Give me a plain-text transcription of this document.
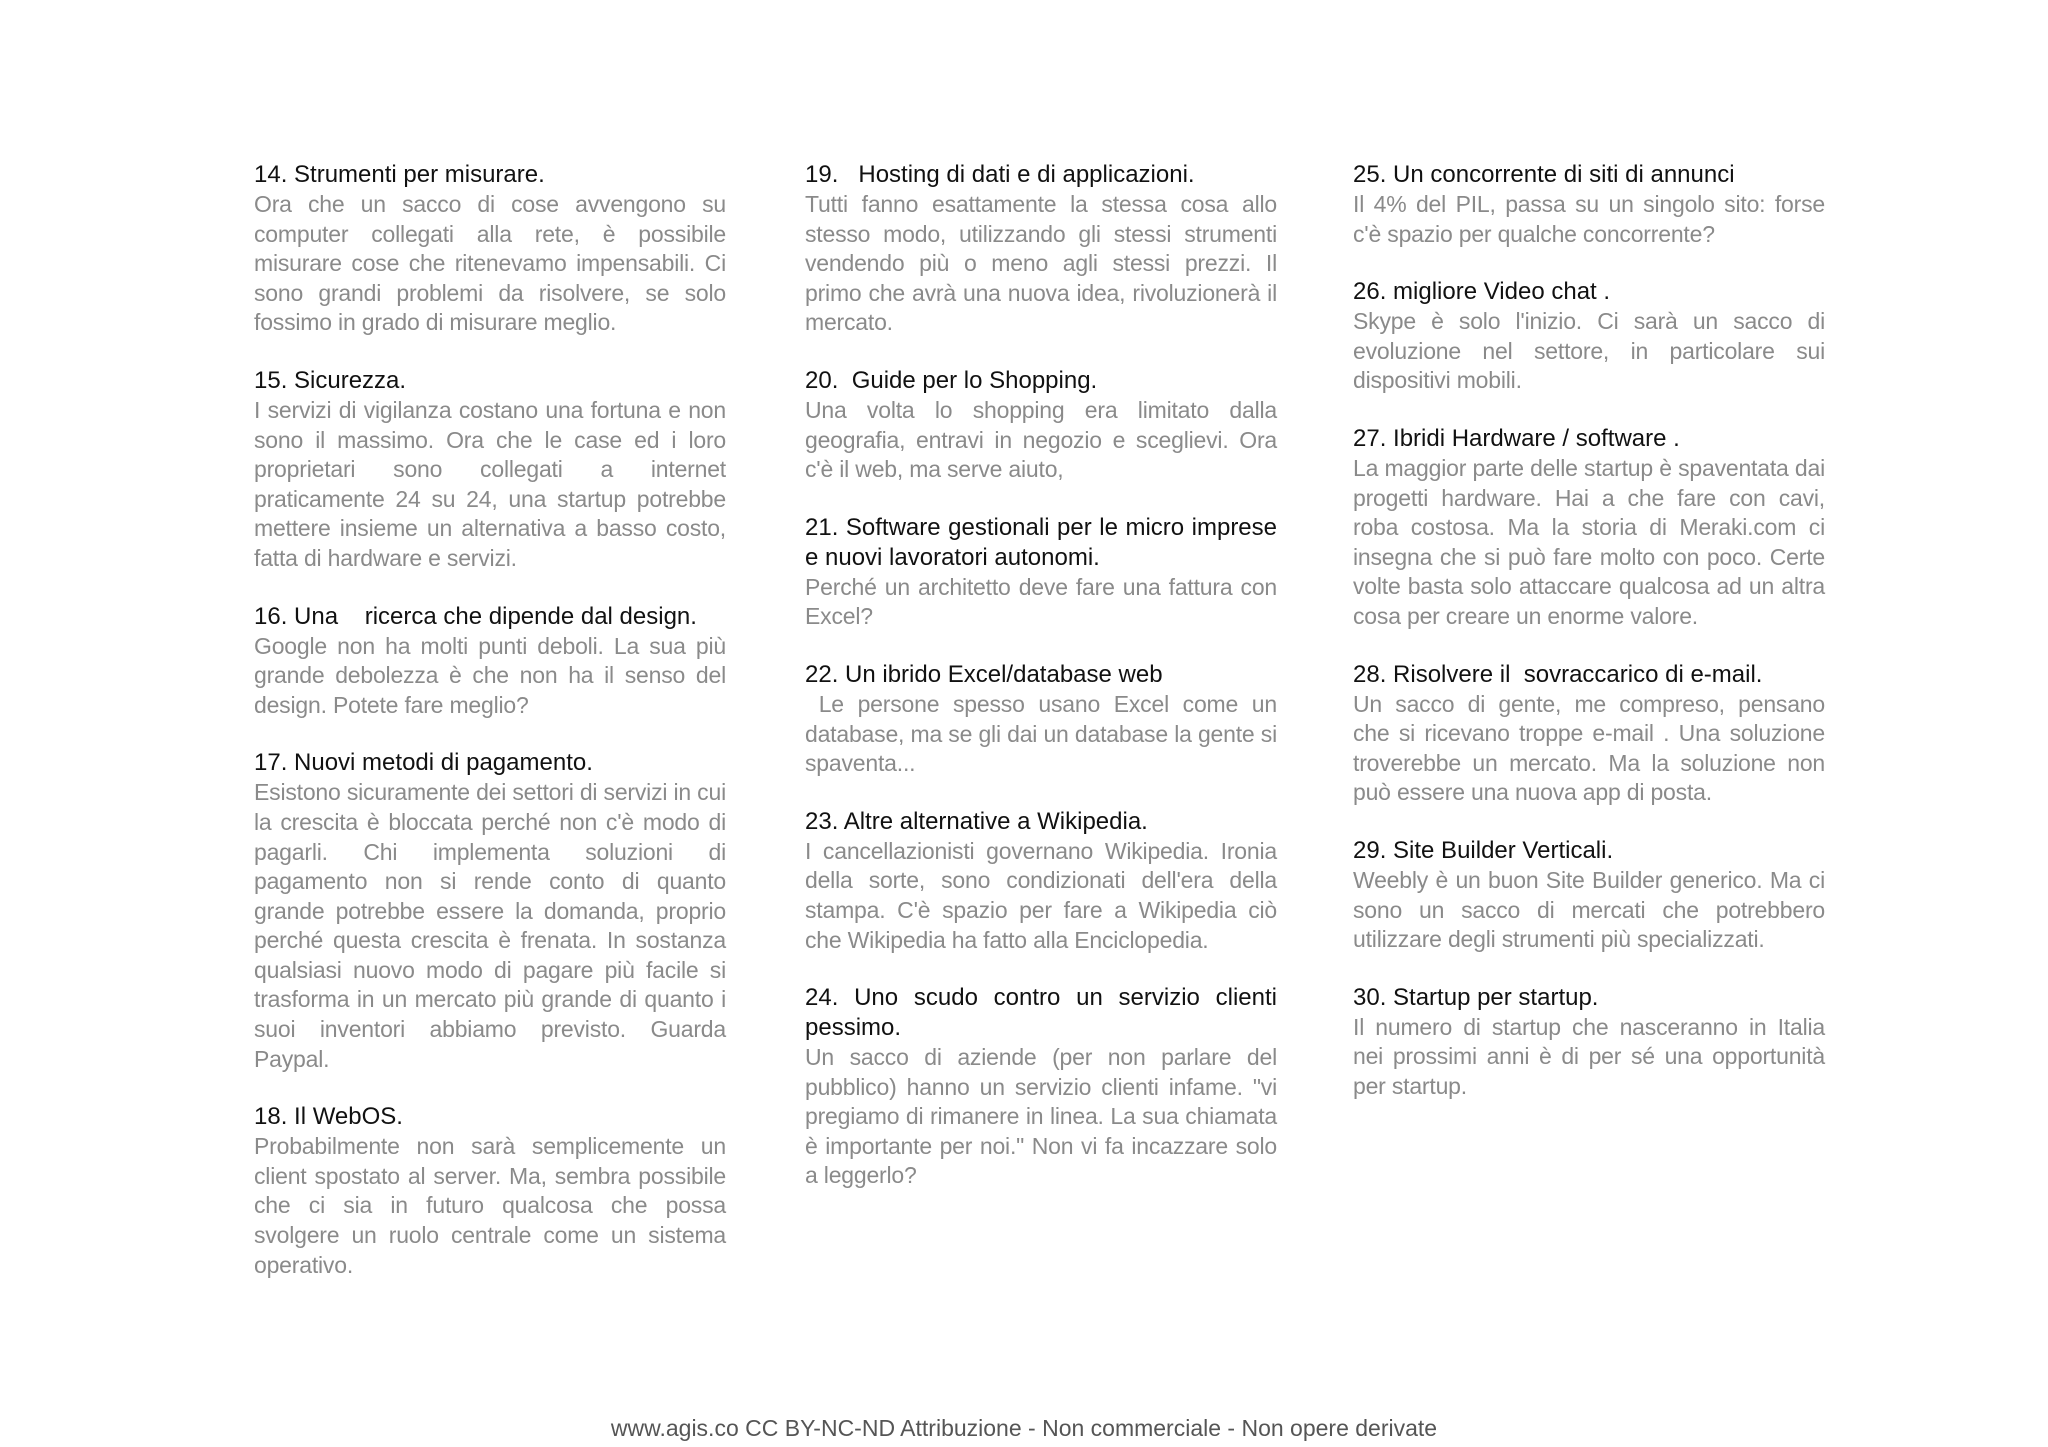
14. Strumenti per misurare.

Ora che un sacco di cose avvengono su computer collegati alla rete, è possibile misurare cose che ritenevamo impensabili. Ci sono grandi problemi da risolvere, se solo fossimo in grado di misurare meglio.

15. Sicurezza.

I servizi di vigilanza costano una fortuna e non sono il massimo. Ora che le case ed i loro proprietari sono collegati a internet praticamente 24 su 24, una startup potrebbe mettere insieme un alternativa a basso costo, fatta di hardware e servizi.

16. Una    ricerca che dipende dal design.

Google non ha molti punti deboli. La sua più grande debolezza è che non ha il senso del design. Potete fare meglio?

17. Nuovi metodi di pagamento.

Esistono sicuramente dei settori di servizi in cui la crescita è bloccata perché non c'è modo di pagarli. Chi implementa soluzioni di pagamento non si rende conto di quanto grande potrebbe essere la domanda, proprio perché questa crescita è frenata. In sostanza qualsiasi nuovo modo di pagare più facile si trasforma in un mercato più grande di quanto i suoi inventori abbiamo previsto. Guarda Paypal.

18. Il WebOS.

Probabilmente non sarà semplicemente un client spostato al server. Ma, sembra possibile che ci sia in futuro qualcosa che possa svolgere un ruolo centrale come un sistema operativo.

19.   Hosting di dati e di applicazioni.

Tutti fanno esattamente la stessa cosa allo stesso modo, utilizzando gli stessi strumenti vendendo più o meno agli stessi prezzi. Il primo che avrà una nuova idea, rivoluzionerà il mercato.

20.  Guide per lo Shopping.

Una volta lo shopping era limitato dalla geografia, entravi in negozio e sceglievi. Ora c'è il web, ma serve aiuto,

21. Software gestionali per le micro imprese e nuovi lavoratori autonomi.

Perché un architetto deve fare una fattura con Excel?

22. Un ibrido Excel/database web

Le persone spesso usano Excel come un database, ma se gli dai un database la gente si spaventa...

23. Altre alternative a Wikipedia.

I cancellazionisti governano Wikipedia. Ironia della sorte, sono condizionati dell'era della stampa. C'è spazio per fare a Wikipedia ciò che Wikipedia ha fatto alla Enciclopedia.

24. Uno scudo contro un servizio clienti pessimo.

Un sacco di aziende (per non parlare del pubblico) hanno un servizio clienti infame. "vi pregiamo di rimanere in linea. La sua chiamata è importante per noi." Non vi fa incazzare solo a leggerlo?

25. Un concorrente di siti di annunci

Il 4% del PIL, passa su un singolo sito: forse c'è spazio per qualche concorrente?

26. migliore Video chat .

Skype è solo l'inizio. Ci sarà un sacco di evoluzione nel settore, in particolare sui dispositivi mobili.

27. Ibridi Hardware / software .

La maggior parte delle startup è spaventata dai progetti hardware. Hai a che fare con cavi, roba costosa. Ma la storia di Meraki.com ci insegna che si può fare molto con poco. Certe volte basta solo attaccare qualcosa ad un altra cosa per creare un enorme valore.

28. Risolvere il  sovraccarico di e-mail.

Un sacco di gente, me compreso, pensano che si ricevano troppe e-mail . Una soluzione troverebbe un mercato. Ma la soluzione non può essere una nuova app di posta.

29. Site Builder Verticali.

Weebly è un buon Site Builder generico. Ma ci sono un sacco di mercati che potrebbero utilizzare degli strumenti più specializzati.

30. Startup per startup.

Il numero di startup che nasceranno in Italia nei prossimi anni è di per sé una opportunità per startup.

www.agis.co CC BY-NC-ND Attribuzione - Non commerciale - Non opere derivate
